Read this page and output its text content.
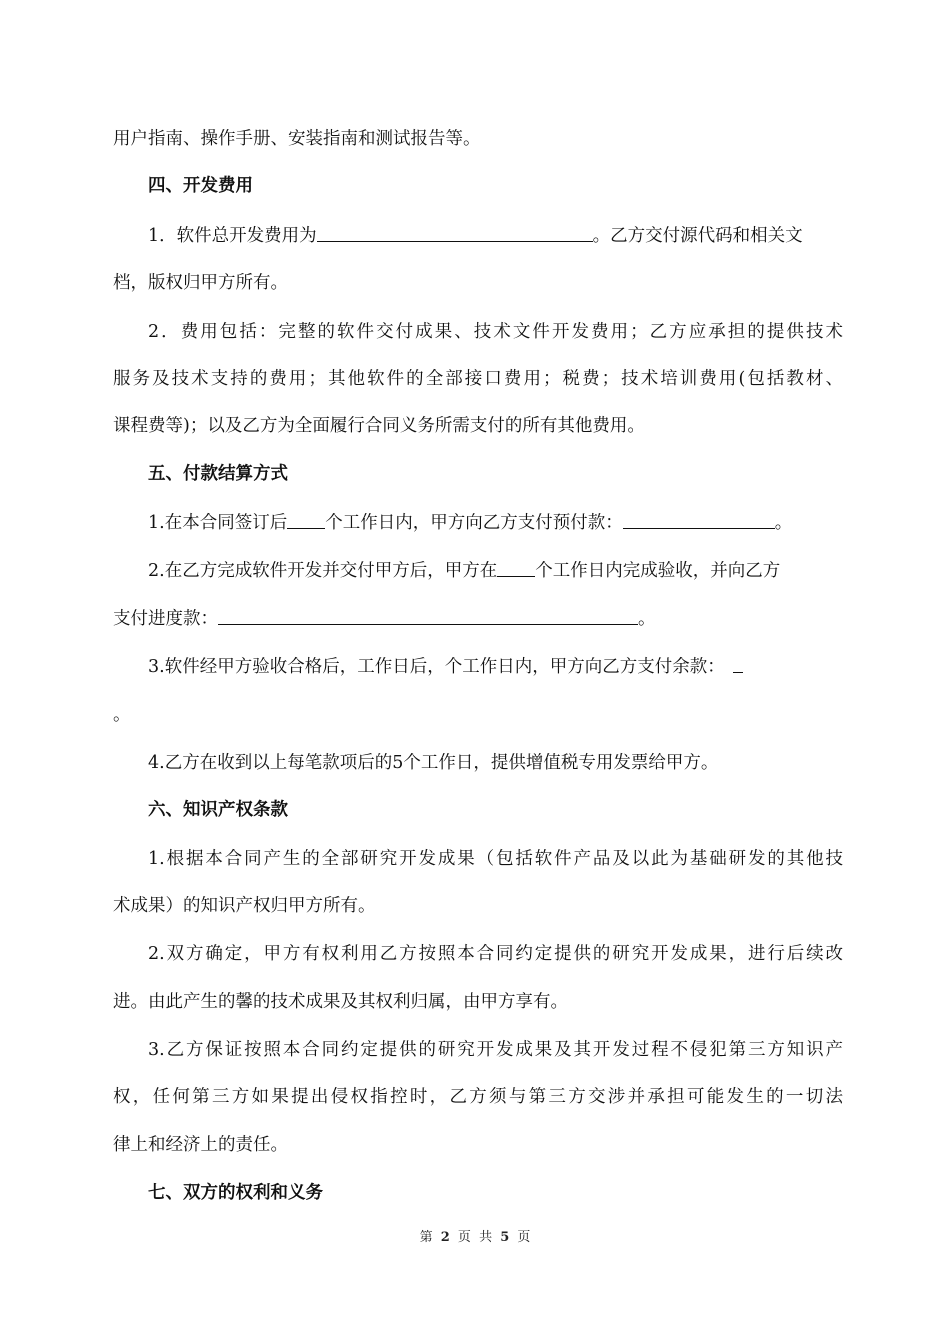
用户指南、操作手册、安装指南和测试报告等。
四、开发费用
1．软件总开发费用为	。乙方交付源代码和相关文
档，版权归甲方所有。
2．费用包括：完整的软件交付成果、技术文件开发费用；乙方应承担的提供技术
服务及技术支持的费用；其他软件的全部接口费用；税费；技术培训费用(包括教材、
课程费等)；以及乙方为全面履行合同义务所需支付的所有其他费用。
五、付款结算方式
1.在本合同签订后 个工作日内，甲方向乙方支付预付款：	。
2.在乙方完成软件开发并交付甲方后，甲方在 个工作日内完成验收，并向乙方
支付进度款：	。
3.软件经甲方验收合格后，工作日后，个工作日内，甲方向乙方支付余款：
。
4.乙方在收到以上每笔款项后的5个工作日，提供增值税专用发票给甲方。
六、知识产权条款
1.根据本合同产生的全部研究开发成果（包括软件产品及以此为基础研发的其他技
术成果）的知识产权归甲方所有。
2.双方确定，甲方有权利用乙方按照本合同约定提供的研究开发成果，进行后续改
进。由此产生的馨的技术成果及其权利归属，由甲方享有。
3.乙方保证按照本合同约定提供的研究开发成果及其开发过程不侵犯第三方知识产
权，任何第三方如果提出侵权指控时，乙方须与第三方交涉并承担可能发生的一切法
律上和经济上的责任。
七、双方的权利和义务
第 2 页 共 5 页
